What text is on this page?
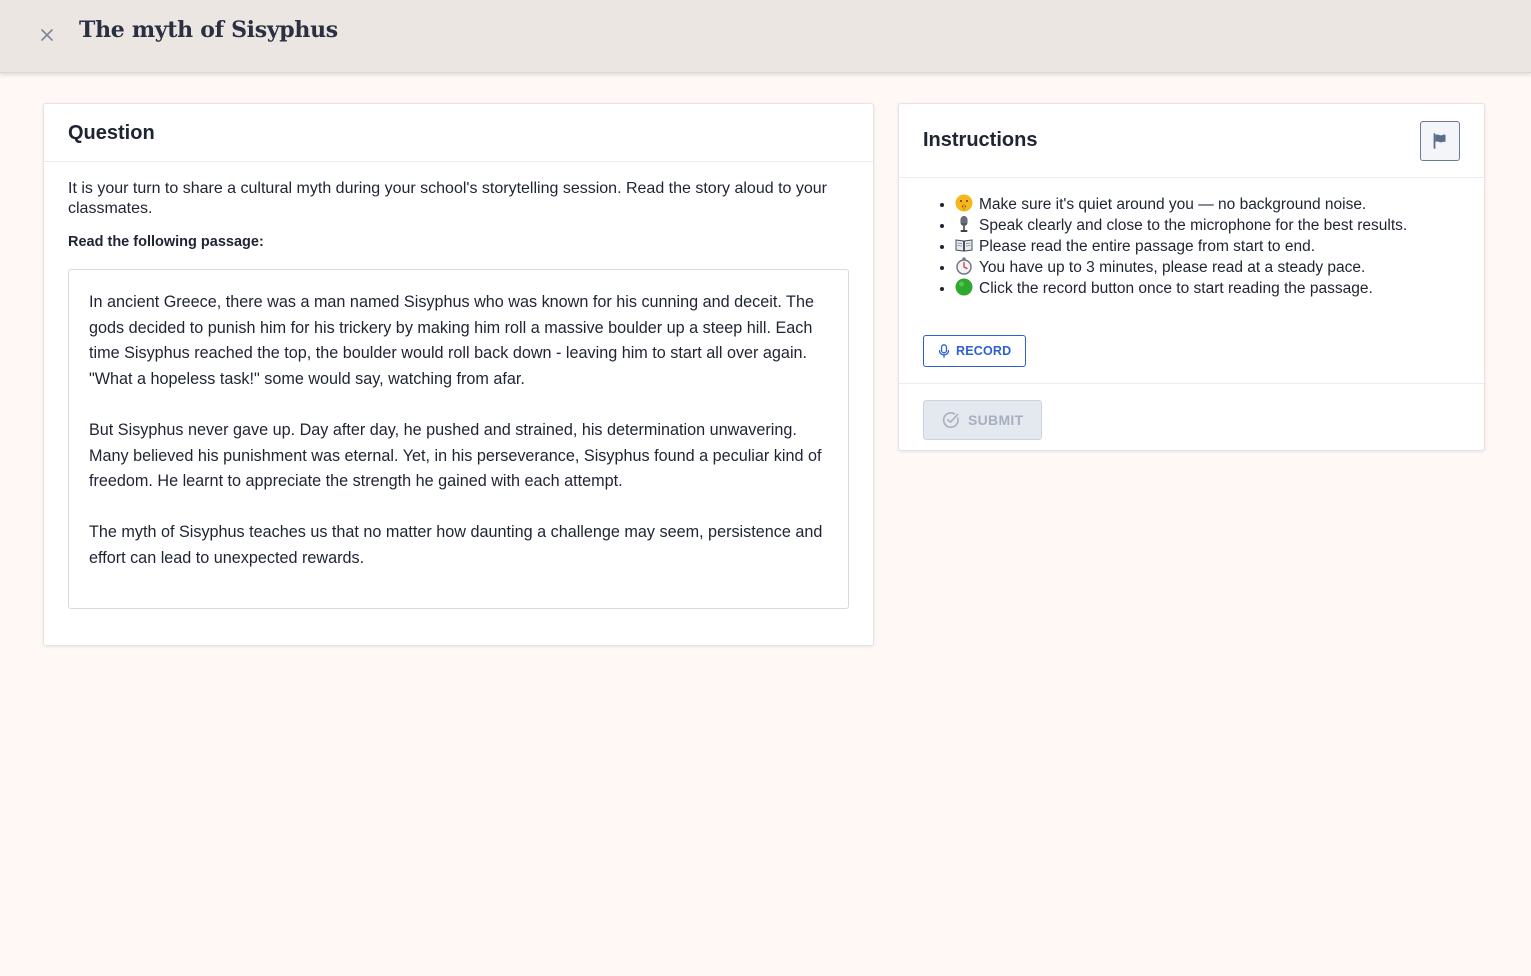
The myth of Sisyphus
Question
It is your turn to share a cultural myth during your school's storytelling session. Read the story aloud to your classmates.
Read the following passage:

In ancient Greece, there was a man named Sisyphus who was known for his cunning and deceit. The gods decided to punish him for his trickery by making him roll a massive boulder up a steep hill. Each time Sisyphus reached the top, the boulder would roll back down - leaving him to start all over again. "What a hopeless task!" some would say, watching from afar.

But Sisyphus never gave up. Day after day, he pushed and strained, his determination unwavering. Many believed his punishment was eternal. Yet, in his perseverance, Sisyphus found a peculiar kind of freedom. He learnt to appreciate the strength he gained with each attempt.

The myth of Sisyphus teaches us that no matter how daunting a challenge may seem, persistence and effort can lead to unexpected rewards.

Instructions
• Make sure it's quiet around you — no background noise.
• Speak clearly and close to the microphone for the best results.
• Please read the entire passage from start to end.
• You have up to 3 minutes, please read at a steady pace.
• Click the record button once to start reading the passage.
RECORD
SUBMIT
